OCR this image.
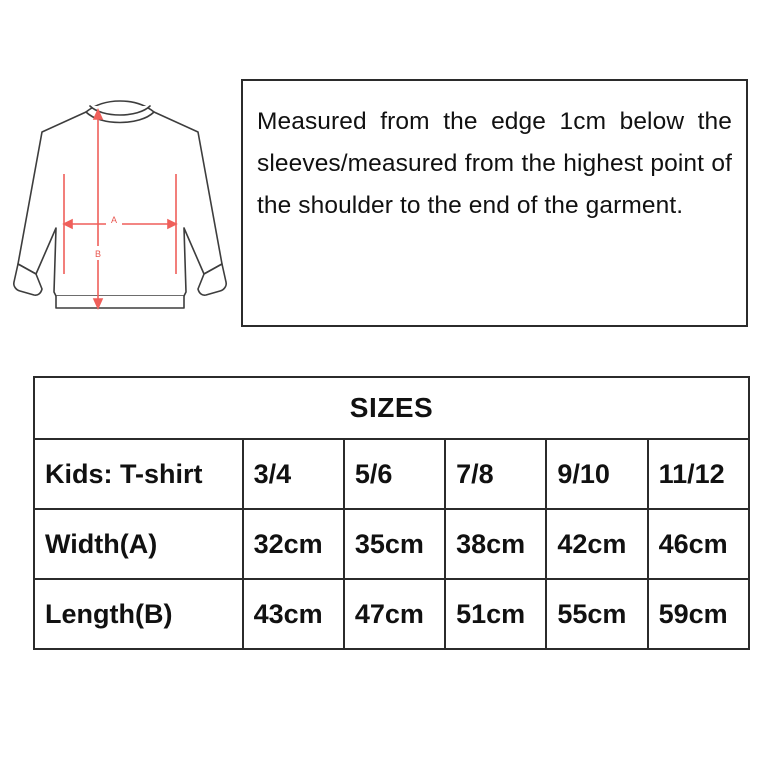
A
B

Measured from the edge 1cm below the sleeves/measured from the highest point of the shoulder to the end of the garment.

SIZES					
Kids: T-shirt	3/4	5/6	7/8	9/10	11/12
Width(A)	32cm	35cm	38cm	42cm	46cm
Length(B)	43cm	47cm	51cm	55cm	59cm
